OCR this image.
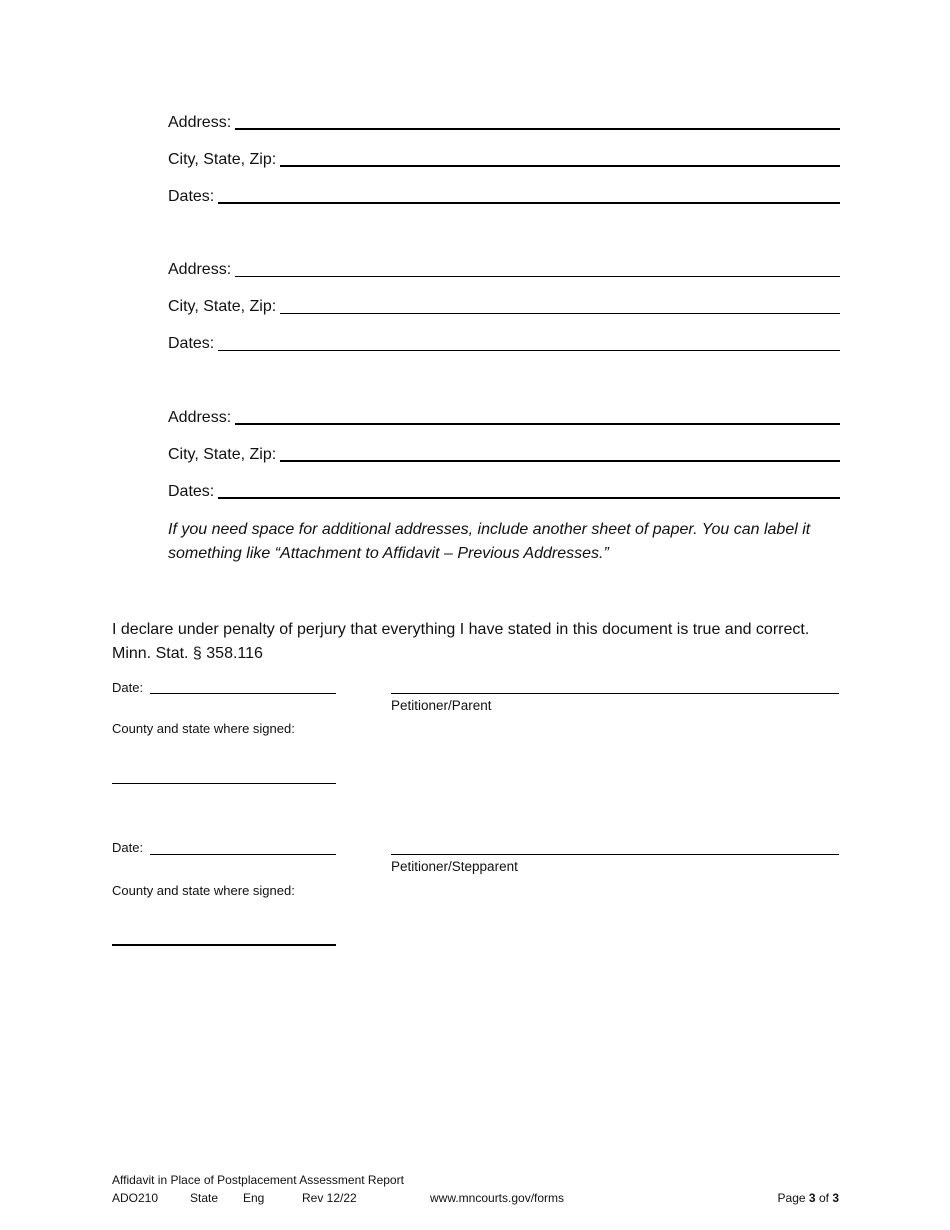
Address:
City, State, Zip:
Dates:
Address:
City, State, Zip:
Dates:
Address:
City, State, Zip:
Dates:
If you need space for additional addresses, include another sheet of paper. You can label it something like “Attachment to Affidavit – Previous Addresses.”
I declare under penalty of perjury that everything I have stated in this document is true and correct. Minn. Stat. § 358.116
Date:
Petitioner/Parent
County and state where signed:
Date:
Petitioner/Stepparent
County and state where signed:
Affidavit in Place of Postplacement Assessment Report
ADO210	State Eng	Rev 12/22	www.mncourts.gov/forms	Page 3 of 3
